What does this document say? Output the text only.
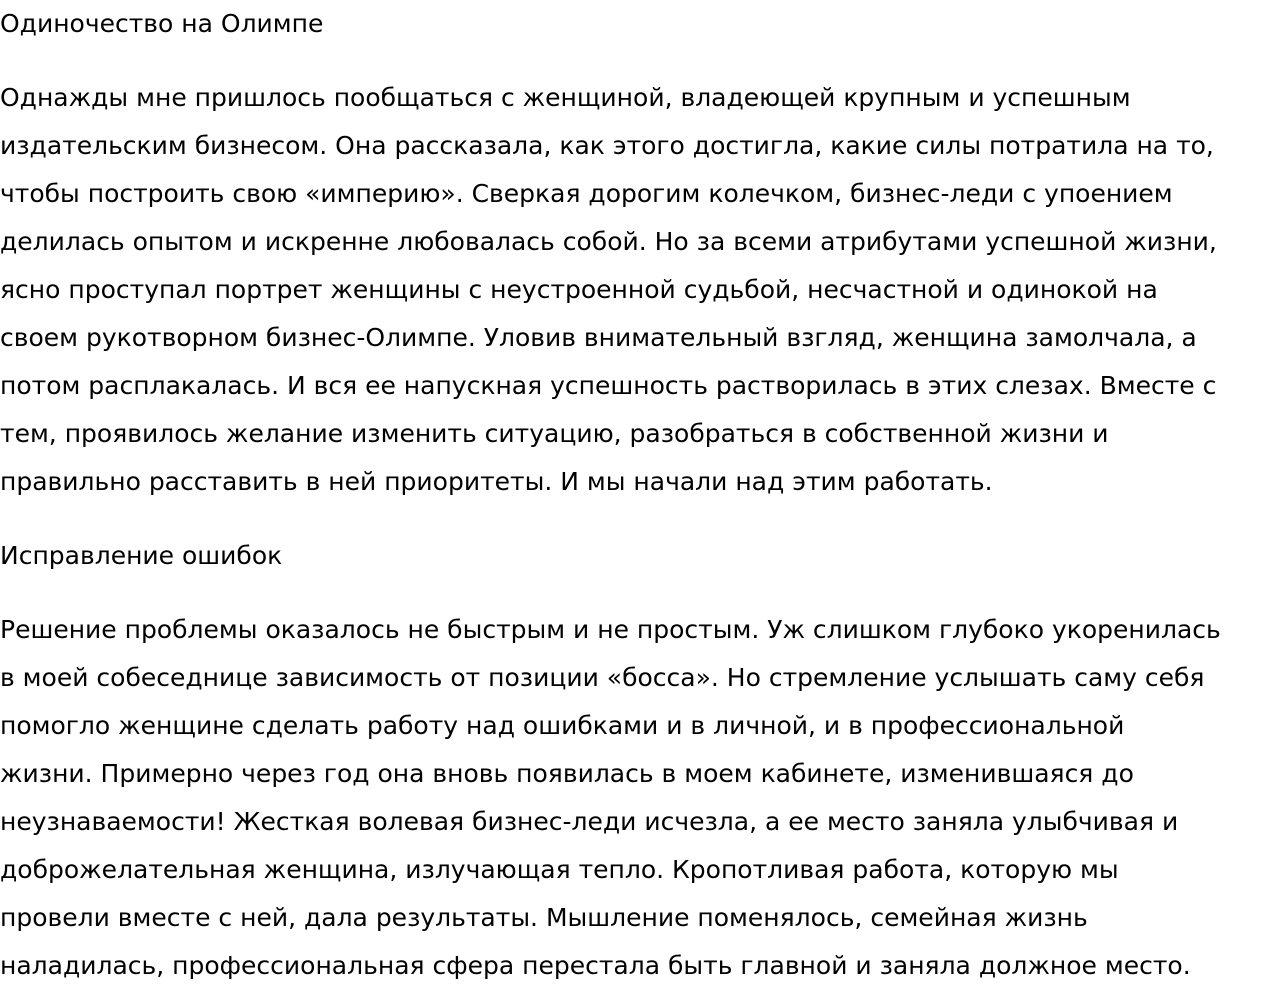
Одиночество на Олимпе
Однажды мне пришлось пообщаться с женщиной, владеющей крупным и успешным
издательским бизнесом. Она рассказала, как этого достигла, какие силы потратила на то,
чтобы построить свою «империю». Сверкая дорогим колечком, бизнес-леди с упоением
делилась опытом и искренне любовалась собой. Но за всеми атрибутами успешной жизни,
ясно проступал портрет женщины с неустроенной судьбой, несчастной и одинокой на
своем рукотворном бизнес-Олимпе. Уловив внимательный взгляд, женщина замолчала, а
потом расплакалась. И вся ее напускная успешность растворилась в этих слезах. Вместе с
тем, проявилось желание изменить ситуацию, разобраться в собственной жизни и
правильно расставить в ней приоритеты. И мы начали над этим работать.
Исправление ошибок
Решение проблемы оказалось не быстрым и не простым. Уж слишком глубоко укоренилась
в моей собеседнице зависимость от позиции «босса». Но стремление услышать саму себя
помогло женщине сделать работу над ошибками и в личной, и в профессиональной
жизни. Примерно через год она вновь появилась в моем кабинете, изменившаяся до
неузнаваемости! Жесткая волевая бизнес-леди исчезла, а ее место заняла улыбчивая и
доброжелательная женщина, излучающая тепло. Кропотливая работа, которую мы
провели вместе с ней, дала результаты. Мышление поменялось, семейная жизнь
наладилась, профессиональная сфера перестала быть главной и заняла должное место.
